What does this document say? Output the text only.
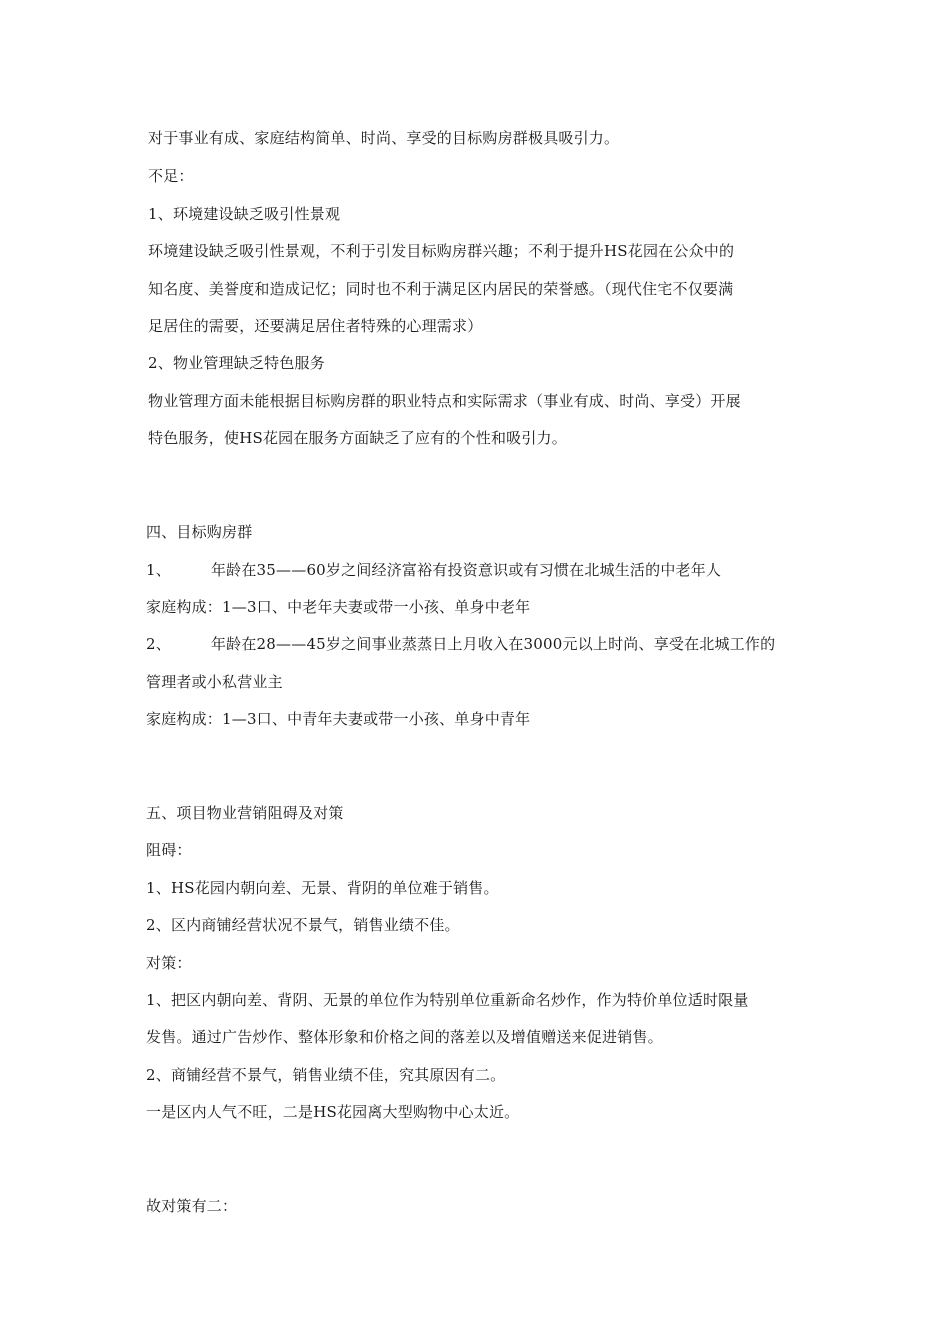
对于事业有成、家庭结构简单、时尚、享受的目标购房群极具吸引力。
不足：
1、环境建设缺乏吸引性景观
环境建设缺乏吸引性景观，不利于引发目标购房群兴趣；不利于提升HS花园在公众中的
知名度、美誉度和造成记忆；同时也不利于满足区内居民的荣誉感。（现代住宅不仅要满
足居住的需要，还要满足居住者特殊的心理需求）
2、物业管理缺乏特色服务
物业管理方面未能根据目标购房群的职业特点和实际需求（事业有成、时尚、享受）开展
特色服务，使HS花园在服务方面缺乏了应有的个性和吸引力。
四、目标购房群
1、	年龄在35——60岁之间经济富裕有投资意识或有习惯在北城生活的中老年人
家庭构成：1—3口、中老年夫妻或带一小孩、单身中老年
2、	年龄在28——45岁之间事业蒸蒸日上月收入在3000元以上时尚、享受在北城工作的
管理者或小私营业主
家庭构成：1—3口、中青年夫妻或带一小孩、单身中青年
五、项目物业营销阻碍及对策
阻碍：
1、HS花园内朝向差、无景、背阴的单位难于销售。
2、区内商铺经营状况不景气，销售业绩不佳。
对策：
1、把区内朝向差、背阴、无景的单位作为特别单位重新命名炒作，作为特价单位适时限量
发售。通过广告炒作、整体形象和价格之间的落差以及增值赠送来促进销售。
2、商铺经营不景气，销售业绩不佳，究其原因有二。
一是区内人气不旺，二是HS花园离大型购物中心太近。
故对策有二：
